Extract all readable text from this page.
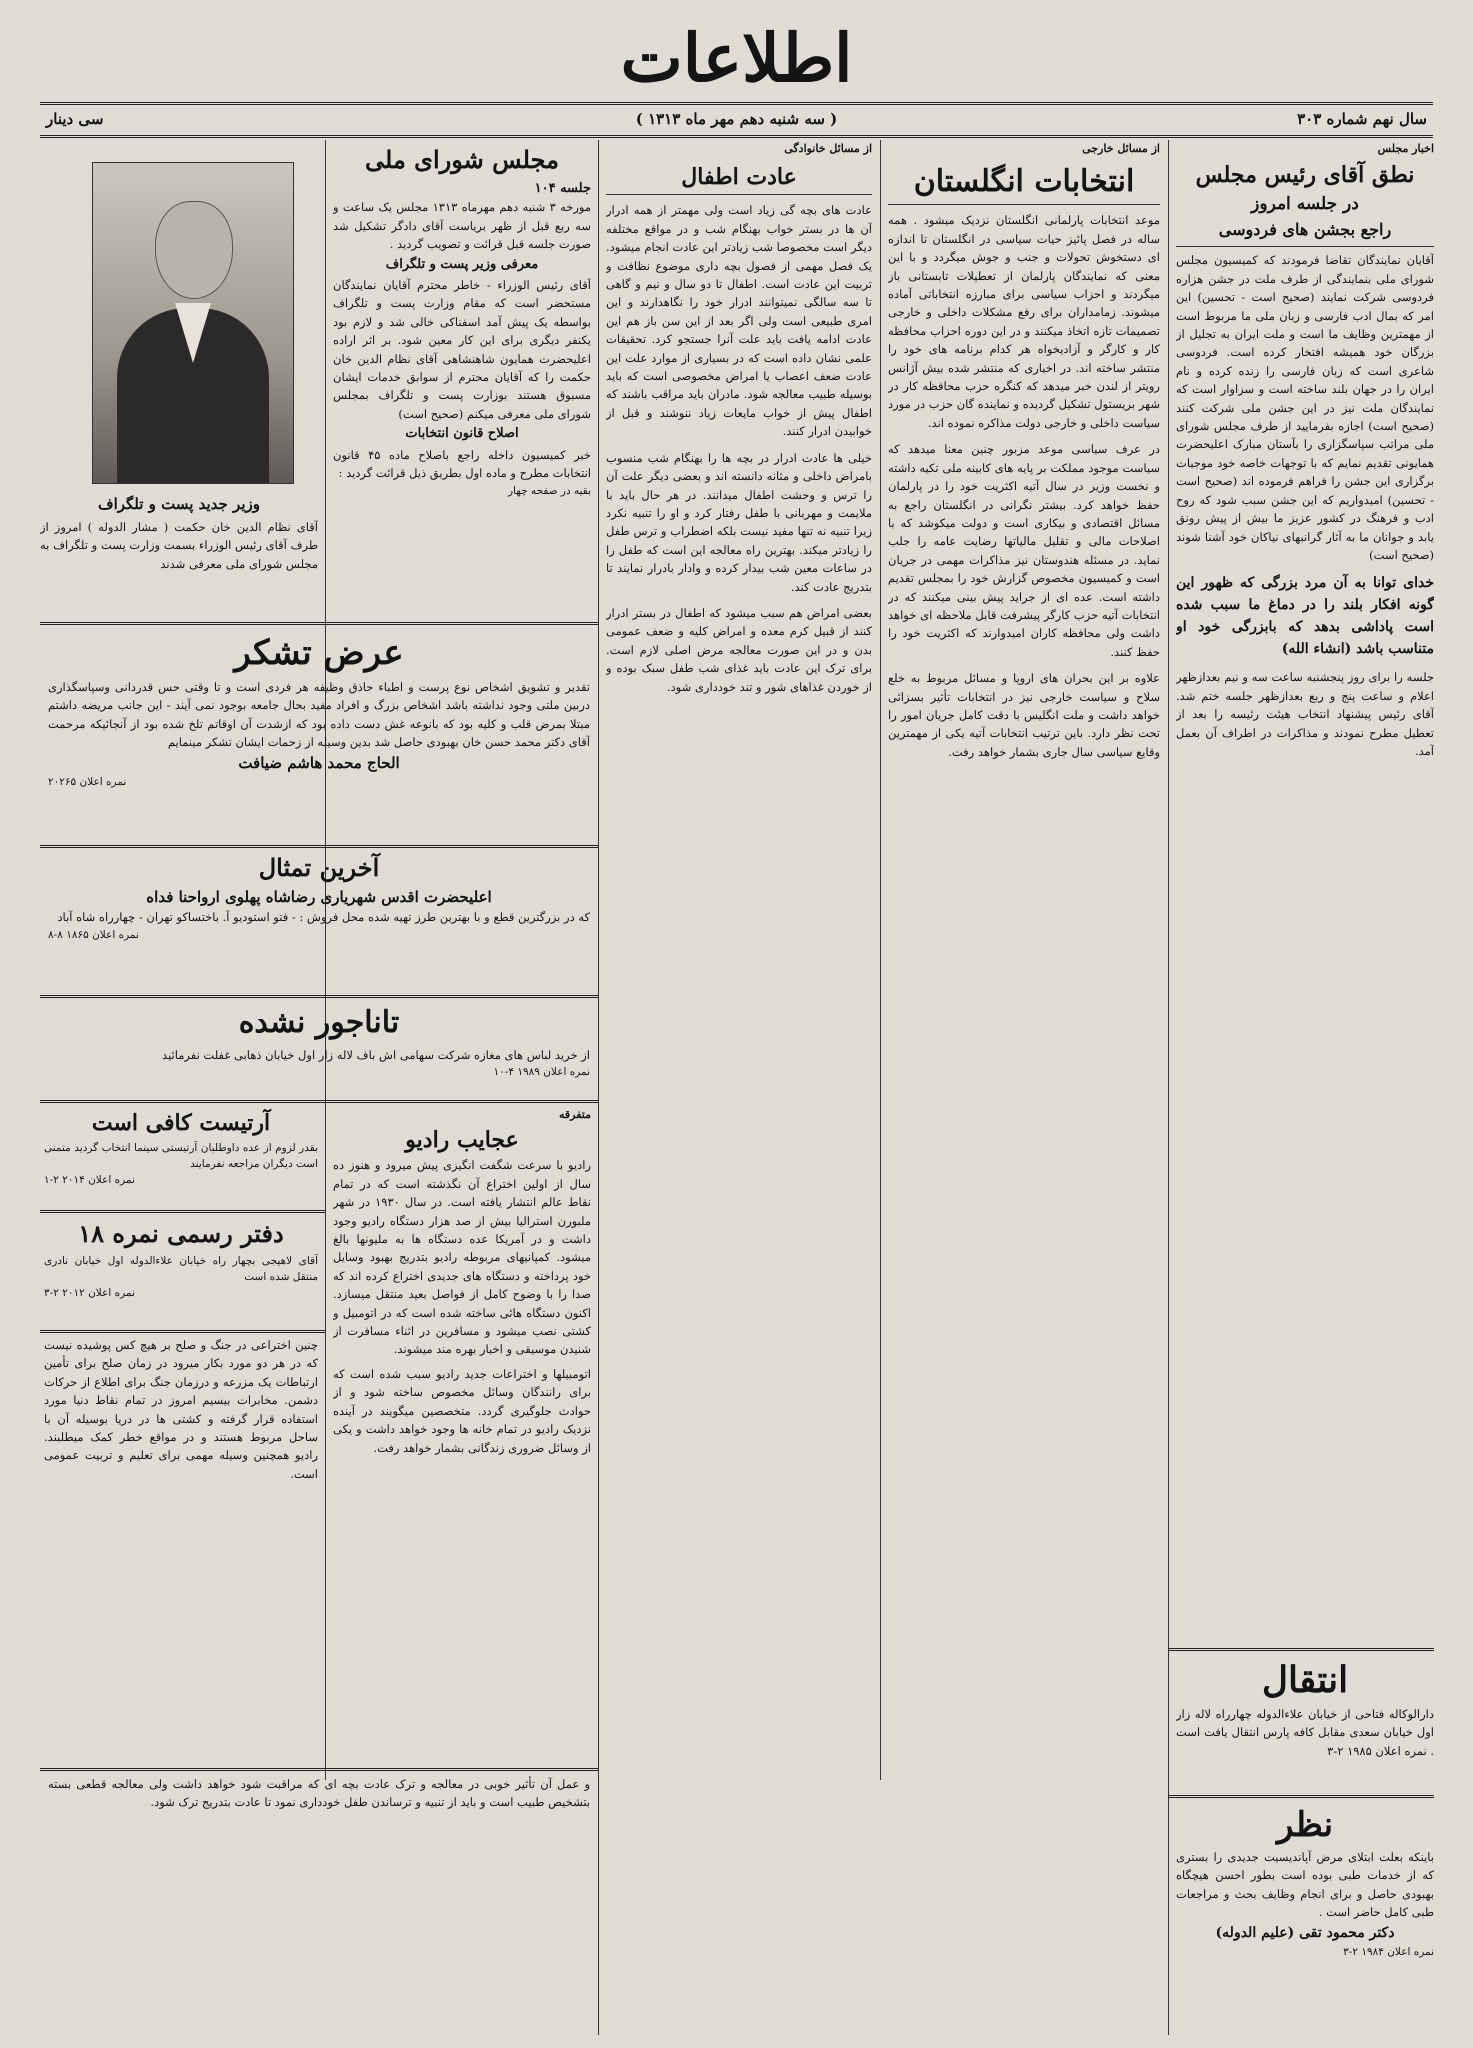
اطلاعات
سال نهم شماره ۳۰۳
( سه شنبه دهم مهر ماه ۱۳۱۳ )
سی دینار
اخبار مجلس
نطق آقای رئیس مجلس
در جلسه امروز
راجع بجشن های فردوسی

آقایان نمایندگان تقاضا فرمودند که کمیسیون مجلس شورای ملی بنمایندگی از طرف ملت در جشن هزاره فردوسی شرکت نمایند (صحیح است - تحسین) این امر که بمال ادب فارسی و زبان ملی ما مربوط است از مهمترین وظایف ما است و ملت ایران به تجلیل از بزرگان خود همیشه افتخار کرده است. فردوسی شاعری است که زبان فارسی را زنده کرده و نام ایران را در جهان بلند ساخته است و سزاوار است که نمایندگان ملت نیز در این جشن ملی شرکت کنند (صحیح است) اجازه بفرمایید از طرف مجلس شورای ملی مراتب سپاسگزاری را بآستان مبارک اعلیحضرت همایونی تقدیم نمایم که با توجهات خاصه خود موجبات برگزاری این جشن را فراهم فرموده اند (صحیح است - تحسین) امیدواریم که این جشن سبب شود که روح ادب و فرهنگ در کشور عزیز ما بیش از پیش رونق یابد و جوانان ما به آثار گرانبهای نیاکان خود آشنا شوند (صحیح است)

خدای توانا به آن مرد بزرگی که ظهور این گونه افکار بلند را در دماغ ما سبب شده است پاداشی بدهد که بابزرگی خود او متناسب باشد (انشاء الله)

جلسه را برای روز پنجشنبه ساعت سه و نیم بعدازظهر اعلام و ساعت پنج و ربع بعدازظهر جلسه ختم شد. آقای رئیس پیشنهاد انتخاب هیئت رئیسه را بعد از تعطیل مطرح نمودند و مذاکرات در اطراف آن بعمل آمد.

انتقال

دارالوکاله فتاحی از خیابان علاءالدوله چهارراه لاله زار اول خیابان سعدی مقابل کافه پارس انتقال یافت است . نمره اعلان ۱۹۸۵ ۲-۳

نظر

باینکه بعلت ابتلای مرض آپاندیسیت جدیدی را بستری که از خدمات طبی بوده است بطور احسن هیچگاه بهبودی حاصل و برای انجام وظایف بحث و مراجعات طبی کامل حاضر است .

دکتر محمود تقی (علیم الدوله)
نمره اعلان ۱۹۸۴ ۲-۳
از مسائل خارجی
انتخابات انگلستان

موعد انتخابات پارلمانی انگلستان نزدیک میشود . همه ساله در فصل پائیز حیات سیاسی در انگلستان تا اندازه ای دستخوش تحولات و جنب و جوش میگردد و با این معنی که نمایندگان پارلمان از تعطیلات تابستانی باز میگردند و احزاب سیاسی برای مبارزه انتخاباتی آماده میشوند. زمامداران برای رفع مشکلات داخلی و خارجی تصمیمات تازه اتخاذ میکنند و در این دوره احزاب محافظه کار و کارگر و آزادیخواه هر کدام برنامه های خود را منتشر ساخته اند. در اخباری که منتشر شده بیش آژانس رویتر از لندن خبر میدهد که کنگره حزب محافظه کار در شهر بریستول تشکیل گردیده و نماینده گان حزب در مورد سیاست داخلی و خارجی دولت مذاکره نموده اند.

در عرف سیاسی موعد مزبور چنین معنا میدهد که سیاست موجود مملکت بر پایه های کابینه ملی تکیه داشته و نخست وزیر در سال آتیه اکثریت خود را در پارلمان حفظ خواهد کرد. بیشتر نگرانی در انگلستان راجع به مسائل اقتصادی و بیکاری است و دولت میکوشد که با اصلاحات مالی و تقلیل مالیاتها رضایت عامه را جلب نماید. در مسئله هندوستان نیز مذاکرات مهمی در جریان است و کمیسیون مخصوص گزارش خود را بمجلس تقدیم داشته است. عده ای از جراید پیش بینی میکنند که در انتخابات آتیه حزب کارگر پیشرفت قابل ملاحظه ای خواهد داشت ولی محافظه کاران امیدوارند که اکثریت خود را حفظ کنند.

علاوه بر این بحران های اروپا و مسائل مربوط به خلع سلاح و سیاست خارجی نیز در انتخابات تأثیر بسزائی خواهد داشت و ملت انگلیس با دقت کامل جریان امور را تحت نظر دارد. باین ترتیب انتخابات آتیه یکی از مهمترین وقایع سیاسی سال جاری بشمار خواهد رفت.

از مسائل خانوادگی
عادت اطفال

عادت های بچه گی زیاد است ولی مهمتر از همه ادرار آن ها در بستر خواب بهنگام شب و در مواقع مختلفه دیگر است مخصوصا شب زیادتر این عادت انجام میشود. یک فصل مهمی از فصول بچه داری موضوع نظافت و تربیت این عادت است. اطفال تا دو سال و نیم و گاهی تا سه سالگی نمیتوانند ادرار خود را نگاهدارند و این امری طبیعی است ولی اگر بعد از این سن باز هم این عادت ادامه یافت باید علت آنرا جستجو کرد. تحقیقات علمی نشان داده است که در بسیاری از موارد علت این عادت ضعف اعصاب یا امراض مخصوصی است که باید بوسیله طبیب معالجه شود. مادران باید مراقب باشند که اطفال پیش از خواب مایعات زیاد ننوشند و قبل از خوابیدن ادرار کنند.

خیلی ها عادت ادرار در بچه ها را بهنگام شب منسوب بامراض داخلی و مثانه دانسته اند و بعضی دیگر علت آن را ترس و وحشت اطفال میدانند. در هر حال باید با ملایمت و مهربانی با طفل رفتار کرد و او را تنبیه نکرد زیرا تنبیه نه تنها مفید نیست بلکه اضطراب و ترس طفل را زیادتر میکند. بهترین راه معالجه این است که طفل را در ساعات معین شب بیدار کرده و وادار بادرار نمایند تا بتدریج عادت کند.

بعضی امراض هم سبب میشود که اطفال در بستر ادرار کنند از قبیل کرم معده و امراض کلیه و ضعف عمومی بدن و در این صورت معالجه مرض اصلی لازم است. برای ترک این عادت باید غذای شب طفل سبک بوده و از خوردن غذاهای شور و تند خودداری شود.

مجلس شورای ملی
جلسه ۱۰۴

مورخه ۳ شنبه دهم مهرماه ۱۳۱۳ مجلس یک ساعت و سه ربع قبل از ظهر بریاست آقای دادگر تشکیل شد صورت جلسه قبل قرائت و تصویب گردید .

معرفی وزیر پست و تلگراف

آقای رئیس الوزراء - خاطر محترم آقایان نمایندگان مستحضر است که مقام وزارت پست و تلگراف بواسطه یک پیش آمد اسفناکی خالی شد و لازم بود یکنفر دیگری برای این کار معین شود. بر اثر اراده اعلیحضرت همایون شاهنشاهی آقای نظام الدین خان حکمت را که آقایان محترم از سوابق خدمات ایشان مسبوق هستند بوزارت پست و تلگراف بمجلس شورای ملی معرفی میکنم (صحیح است)

اصلاح قانون انتخابات

خبر کمیسیون داخله راجع باصلاح ماده ۴۵ قانون انتخابات مطرح و ماده اول بطریق ذیل قرائت گردید :

بقیه در صفحه چهار
وزیر جدید پست و تلگراف

آقای نظام الدین خان حکمت ( مشار الدوله ) امروز از طرف آقای رئیس الوزراء بسمت وزارت پست و تلگراف به مجلس شورای ملی معرفی شدند

عرض تشکر

تقدیر و تشویق اشخاص نوع پرست و اطباء حاذق وظیفه هر فردی است و تا وقتی حس قدردانی وسپاسگذاری دربین ملتی وجود نداشته باشد اشخاص بزرگ و افراد مفید بحال جامعه بوجود نمی آیند - این جانب مریضه داشتم مبتلا بمرض قلب و کلیه بود که بانوعه غش دست داده بود که ازشدت آن اوقاتم تلخ شده بود از آنجائیکه مرحمت آقای دکتر محمد حسن خان بهبودی حاصل شد بدین وسیله از زحمات ایشان تشکر مینمایم

الحاج محمد هاشم ضیافت
نمره اعلان ۲۰۲۶۵
آخرین تمثال
اعلیحضرت اقدس شهریاری رضاشاه پهلوی ارواحنا فداه

که در بزرگترین قطع و با بهترین طرز تهیه شده محل فروش : - فتو استودیو آ. باختساکو تهران - چهارراه شاه آباد

نمره اعلان ۱۸۶۵ ۸-۸
تاناجور نشده

از خرید لباس های مغازه شرکت سهامی اش باف لاله زار اول خیابان ذهابی غفلت نفرمائید

نمره اعلان ۱۹۸۹ ۴-۱۰
آرتیست کافی است

بقدر لزوم از عده داوطلبان آرتیستی سینما انتخاب گردید متمنی است دیگران مراجعه نفرمایند

نمره اعلان ۲۰۱۴ ۲-۱
دفتر رسمی نمره ۱۸

آقای لاهیجی بچهار راه خیابان علاءالدوله اول خیابان نادری منتقل شده است

نمره اعلان ۲۰۱۲ ۲-۳

چنین اختراعی در جنگ و صلح بر هیچ کس پوشیده نیست که در هر دو مورد بکار میرود در زمان صلح برای تأمین ارتباطات یک مزرعه و درزمان جنگ برای اطلاع از حرکات دشمن. مخابرات بیسیم امروز در تمام نقاط دنیا مورد استفاده قرار گرفته و کشتی ها در دریا بوسیله آن با ساحل مربوط هستند و در مواقع خطر کمک میطلبند. رادیو همچنین وسیله مهمی برای تعلیم و تربیت عمومی است.

متفرقه
عجایب رادیو

رادیو با سرعت شگفت انگیزی پیش میرود و هنوز ده سال از اولین اختراع آن نگذشته است که در تمام نقاط عالم انتشار یافته است. در سال ۱۹۳۰ در شهر ملبورن استرالیا بیش از صد هزار دستگاه رادیو وجود داشت و در آمریکا عده دستگاه ها به ملیونها بالغ میشود. کمپانیهای مربوطه رادیو بتدریج بهبود وسایل خود پرداخته و دستگاه های جدیدی اختراع کرده اند که صدا را با وضوح کامل از فواصل بعید منتقل میسازد. اکنون دستگاه هائی ساخته شده است که در اتومبیل و کشتی نصب میشود و مسافرین در اثناء مسافرت از شنیدن موسیقی و اخبار بهره مند میشوند.

اتومبیلها و اختراعات جدید رادیو سبب شده است که برای رانندگان وسائل مخصوص ساخته شود و از حوادث جلوگیری گردد. متخصصین میگویند در آینده نزدیک رادیو در تمام خانه ها وجود خواهد داشت و یکی از وسائل ضروری زندگانی بشمار خواهد رفت.

و عمل آن تأثیر خوبی در معالجه و ترک عادت بچه ای که مراقبت شود خواهد داشت ولی معالجه قطعی بسته بتشخیص طبیب است و باید از تنبیه و ترساندن طفل خودداری نمود تا عادت بتدریج ترک شود.
